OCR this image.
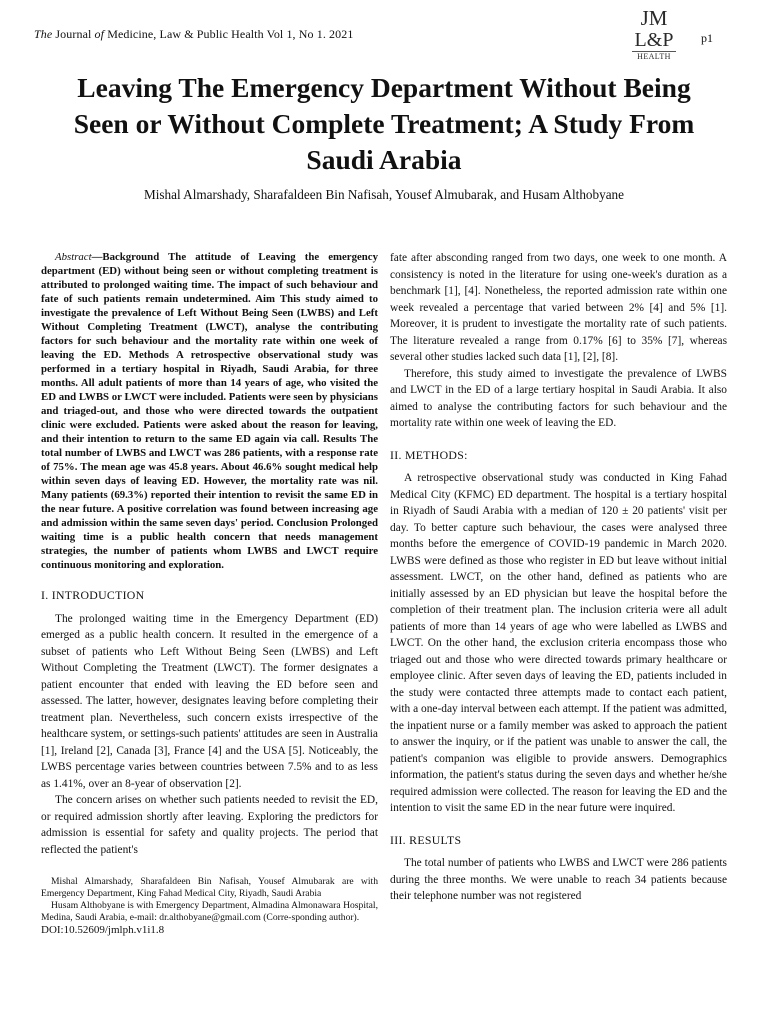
The Journal of Medicine, Law & Public Health Vol 1, No 1. 2021
JM
L&P
HEALTH
p1
Leaving The Emergency Department Without Being Seen or Without Complete Treatment; A Study From Saudi Arabia
Mishal Almarshady, Sharafaldeen Bin Nafisah, Yousef Almubarak, and Husam Althobyane

Abstract—Background The attitude of Leaving the emergency department (ED) without being seen or without completing treatment is attributed to prolonged waiting time. The impact of such behaviour and fate of such patients remain undetermined. Aim This study aimed to investigate the prevalence of Left Without Being Seen (LWBS) and Left Without Completing Treatment (LWCT), analyse the contributing factors for such behaviour and the mortality rate within one week of leaving the ED. Methods A retrospective observational study was performed in a tertiary hospital in Riyadh, Saudi Arabia, for three months. All adult patients of more than 14 years of age, who visited the ED and LWBS or LWCT were included. Patients were seen by physicians and triaged-out, and those who were directed towards the outpatient clinic were excluded. Patients were asked about the reason for leaving, and their intention to return to the same ED again via call. Results The total number of LWBS and LWCT was 286 patients, with a response rate of 75%. The mean age was 45.8 years. About 46.6% sought medical help within seven days of leaving ED. However, the mortality rate was nil. Many patients (69.3%) reported their intention to revisit the same ED in the near future. A positive correlation was found between increasing age and admission within the same seven days' period. Conclusion Prolonged waiting time is a public health concern that needs management strategies, the number of patients whom LWBS and LWCT require continuous monitoring and exploration.

I. INTRODUCTION

The prolonged waiting time in the Emergency Department (ED) emerged as a public health concern. It resulted in the emergence of a subset of patients who Left Without Being Seen (LWBS) and Left Without Completing the Treatment (LWCT). The former designates a patient encounter that ended with leaving the ED before seen and assessed. The latter, however, designates leaving before completing their treatment plan. Nevertheless, such concern exists irrespective of the healthcare system, or settings-such patients' attitudes are seen in Australia [1], Ireland [2], Canada [3], France [4] and the USA [5]. Noticeably, the LWBS percentage varies between countries between 7.5% and to as less as 1.41%, over an 8-year of observation [2].

The concern arises on whether such patients needed to revisit the ED, or required admission shortly after leaving. Exploring the predictors for admission is essential for safety and quality projects. The period that reflected the patient's

Mishal Almarshady, Sharafaldeen Bin Nafisah, Yousef Almubarak are with Emergency Department, King Fahad Medical City, Riyadh, Saudi Arabia

Husam Althobyane is with Emergency Department, Almadina Almonawara Hospital, Medina, Saudi Arabia, e-mail: dr.althobyane@gmail.com (Corre-sponding author).

DOI:10.52609/jmlph.v1i1.8

fate after absconding ranged from two days, one week to one month. A consistency is noted in the literature for using one-week's duration as a benchmark [1], [4]. Nonetheless, the reported admission rate within one week revealed a percentage that varied between 2% [4] and 5% [1]. Moreover, it is prudent to investigate the mortality rate of such patients. The literature revealed a range from 0.17% [6] to 35% [7], whereas several other studies lacked such data [1], [2], [8].

Therefore, this study aimed to investigate the prevalence of LWBS and LWCT in the ED of a large tertiary hospital in Saudi Arabia. It also aimed to analyse the contributing factors for such behaviour and the mortality rate within one week of leaving the ED.

II. METHODS:

A retrospective observational study was conducted in King Fahad Medical City (KFMC) ED department. The hospital is a tertiary hospital in Riyadh of Saudi Arabia with a median of 120 ± 20 patients' visit per day. To better capture such behaviour, the cases were analysed three months before the emergence of COVID-19 pandemic in March 2020. LWBS were defined as those who register in ED but leave without initial assessment. LWCT, on the other hand, defined as patients who are initially assessed by an ED physician but leave the hospital before the completion of their treatment plan. The inclusion criteria were all adult patients of more than 14 years of age who were labelled as LWBS and LWCT. On the other hand, the exclusion criteria encompass those who triaged out and those who were directed towards primary healthcare or employee clinic. After seven days of leaving the ED, patients included in the study were contacted three attempts made to contact each patient, with a one-day interval between each attempt. If the patient was admitted, the inpatient nurse or a family member was asked to approach the patient to answer the inquiry, or if the patient was unable to answer the call, the patient's companion was eligible to provide answers. Demographics information, the patient's status during the seven days and whether he/she required admission were collected. The reason for leaving the ED and the intention to visit the same ED in the near future were inquired.

III. RESULTS

The total number of patients who LWBS and LWCT were 286 patients during the three months. We were unable to reach 34 patients because their telephone number was not registered
